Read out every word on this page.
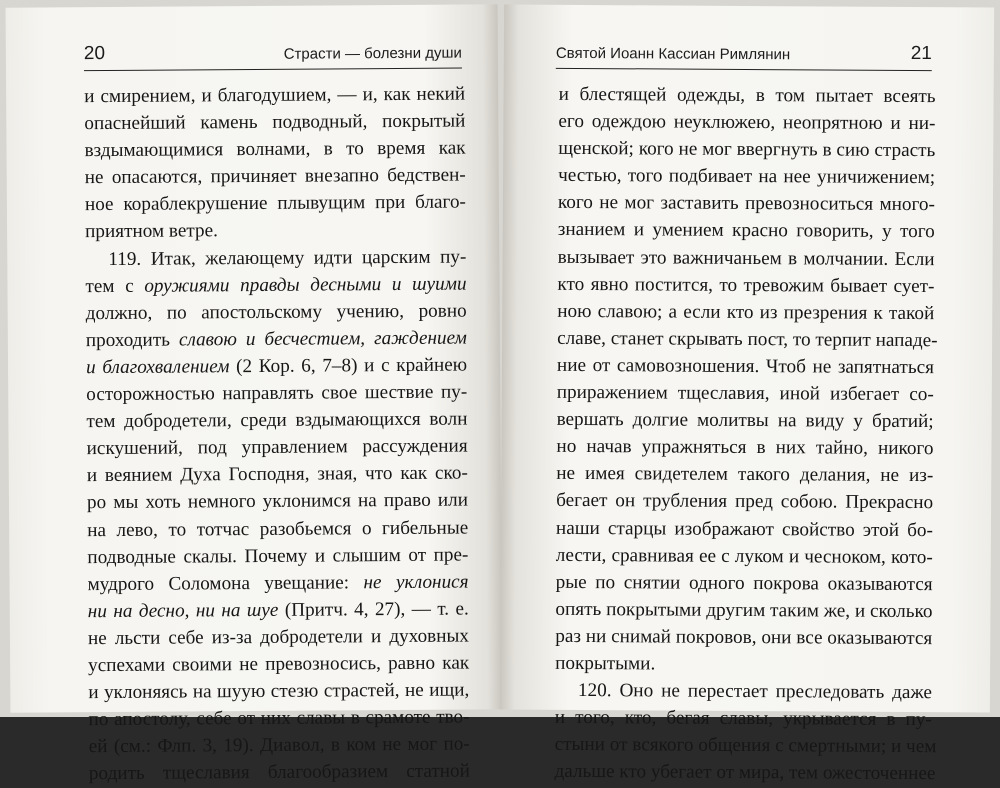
20	Страсти — болезни души
и смирением, и благодушием, — и, как некий
опаснейший камень подводный, покрытый
вздымающимися волнами, в то время как
не опасаются, причиняет внезапно бедствен-
ное кораблекрушение плывущим при благо-
приятном ветре.
119. Итак, желающему идти царским пу-
тем с оружиями правды десными и шуими
должно, по апостольскому учению, ровно
проходить славою и бесчестием, гаждением
и благохвалением (2 Кор. 6, 7–8) и с крайнею
осторожностью направлять свое шествие пу-
тем добродетели, среди вздымающихся волн
искушений, под управлением рассуждения
и веянием Духа Господня, зная, что как ско-
ро мы хоть немного уклонимся на право или
на лево, то тотчас разобьемся о гибельные
подводные скалы. Почему и слышим от пре-
мудрого Соломона увещание: не уклонися
ни на десно, ни на шуе (Притч. 4, 27), — т. е.
не льсти себе из-за добродетели и духовных
успехами своими не превозносись, равно как
и уклоняясь на шуую стезю страстей, не ищи,
по апостолу, себе от них славы в срамоте тво-
ей (см.: Флп. 3, 19). Диавол, в ком не мог по-
родить тщеславия благообразием статной
Святой Иоанн Кассиан Римлянин	21
и блестящей одежды, в том пытает всеять
его одеждою неуклюжею, неопрятною и ни-
щенской; кого не мог ввергнуть в сию страсть
честью, того подбивает на нее уничижением;
кого не мог заставить превозноситься много-
знанием и умением красно говорить, у того
вызывает это важничаньем в молчании. Если
кто явно постится, то тревожим бывает сует-
ною славою; а если кто из презрения к такой
славе, станет скрывать пост, то терпит нападе-
ние от самовозношения. Чтоб не запятнаться
приражением тщеславия, иной избегает со-
вершать долгие молитвы на виду у братий;
но начав упражняться в них тайно, никого
не имея свидетелем такого делания, не из-
бегает он трубления пред собою. Прекрасно
наши старцы изображают свойство этой бо-
лести, сравнивая ее с луком и чесноком, кото-
рые по снятии одного покрова оказываются
опять покрытыми другим таким же, и сколько
раз ни снимай покровов, они все оказываются
покрытыми.
120. Оно не перестает преследовать даже
и того, кто, бегая славы, укрывается в пу-
стыни от всякого общения с смертными; и чем
дальше кто убегает от мира, тем ожесточеннее
